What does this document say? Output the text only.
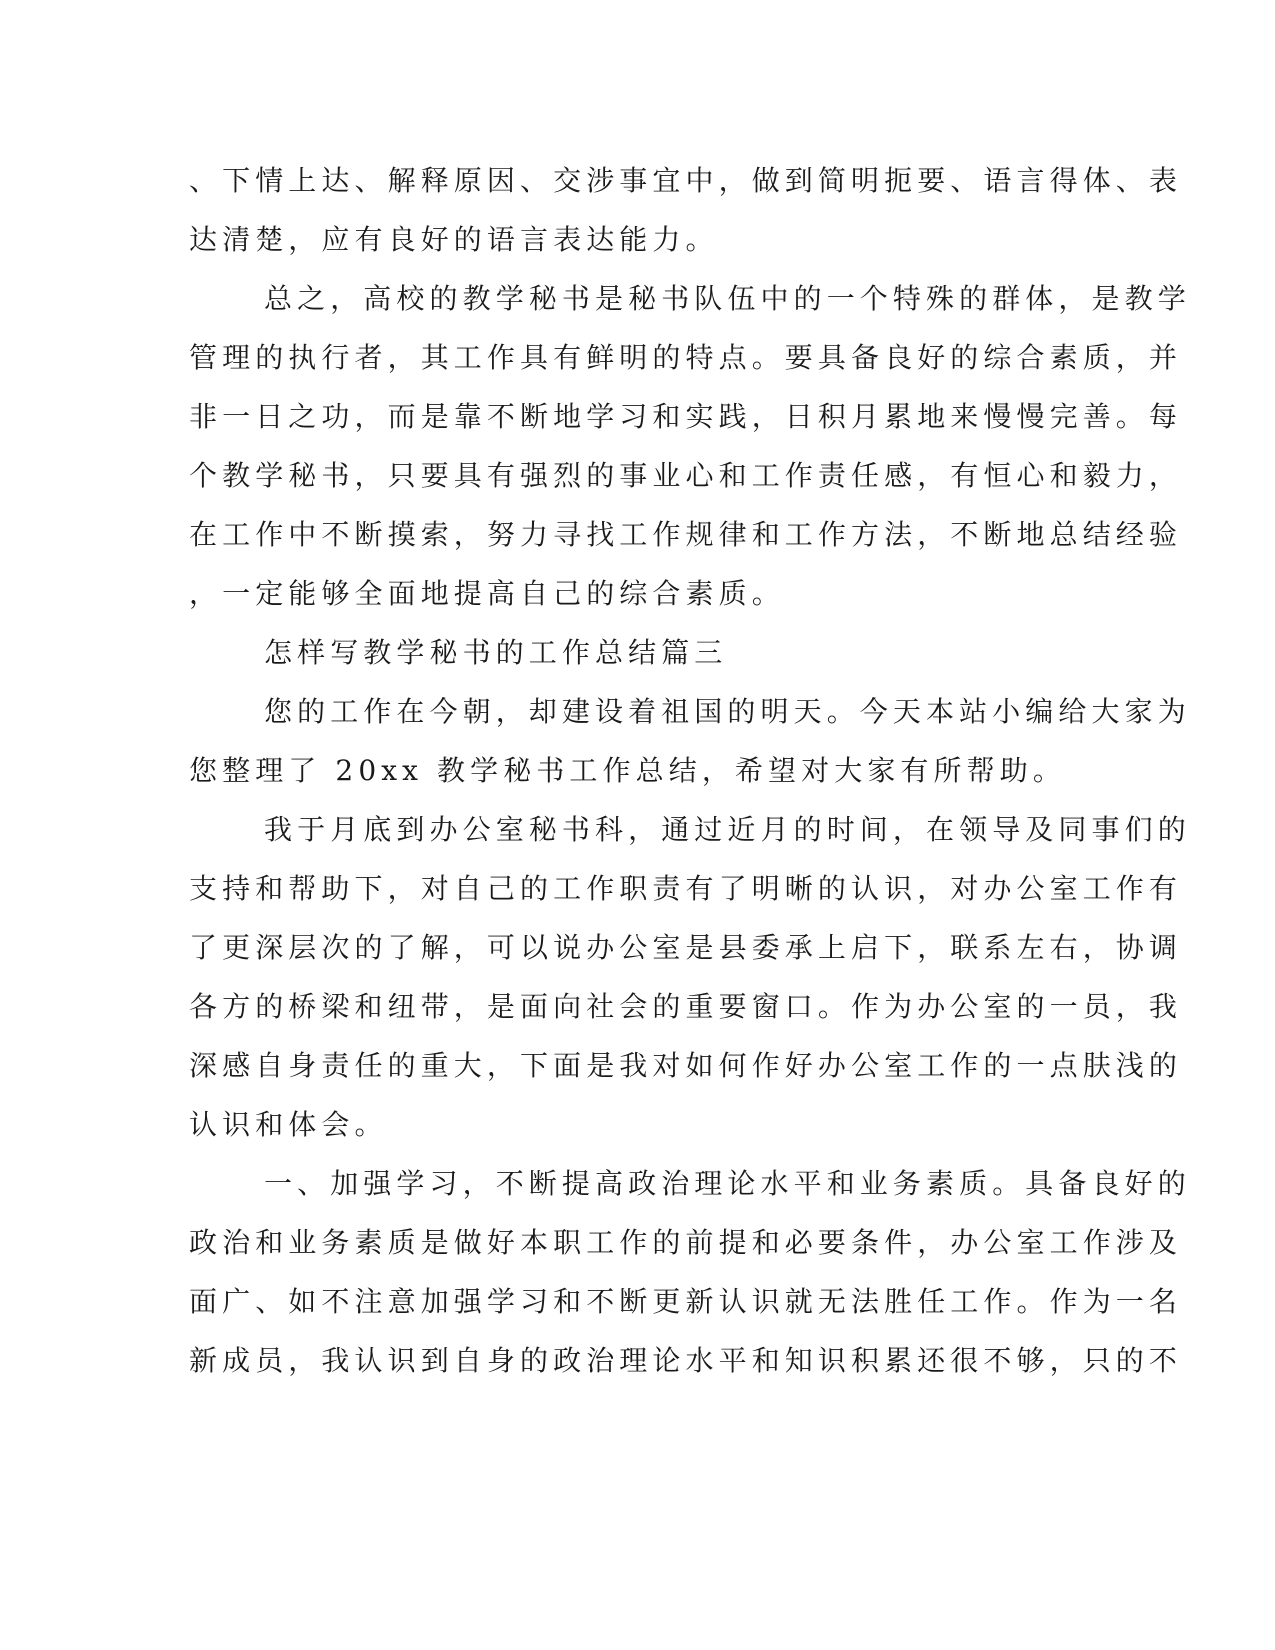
、下情上达、解释原因、交涉事宜中，做到简明扼要、语言得体、表
达清楚，应有良好的语言表达能力。
总之，高校的教学秘书是秘书队伍中的一个特殊的群体，是教学
管理的执行者，其工作具有鲜明的特点。要具备良好的综合素质，并
非一日之功，而是靠不断地学习和实践，日积月累地来慢慢完善。每
个教学秘书，只要具有强烈的事业心和工作责任感，有恒心和毅力，
在工作中不断摸索，努力寻找工作规律和工作方法，不断地总结经验
，一定能够全面地提高自己的综合素质。
怎样写教学秘书的工作总结篇三
您的工作在今朝，却建设着祖国的明天。今天本站小编给大家为
您整理了 20xx 教学秘书工作总结，希望对大家有所帮助。
我于月底到办公室秘书科，通过近月的时间，在领导及同事们的
支持和帮助下，对自己的工作职责有了明晰的认识，对办公室工作有
了更深层次的了解，可以说办公室是县委承上启下，联系左右，协调
各方的桥梁和纽带，是面向社会的重要窗口。作为办公室的一员，我
深感自身责任的重大，下面是我对如何作好办公室工作的一点肤浅的
认识和体会。
一、加强学习，不断提高政治理论水平和业务素质。具备良好的
政治和业务素质是做好本职工作的前提和必要条件，办公室工作涉及
面广、如不注意加强学习和不断更新认识就无法胜任工作。作为一名
新成员，我认识到自身的政治理论水平和知识积累还很不够，只的不
